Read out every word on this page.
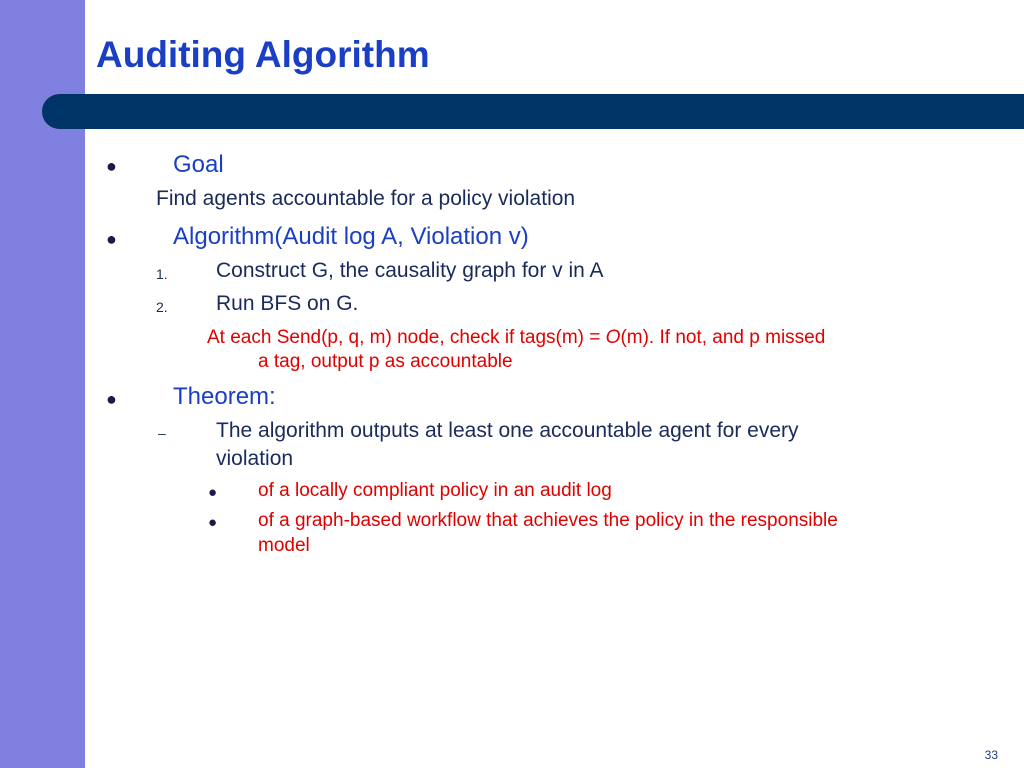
Auditing Algorithm
● Goal
Find agents accountable for a policy violation
● Algorithm(Audit log A, Violation v)
1. Construct G, the causality graph for v in A
2. Run BFS on G.
At each Send(p, q, m) node, check if tags(m) = O(m). If not, and p missed
a tag, output p as accountable
● Theorem:
– The algorithm outputs at least one accountable agent for every
violation
● of a locally compliant policy in an audit log
● of a graph-based workflow that achieves the policy in the responsible
model
33
